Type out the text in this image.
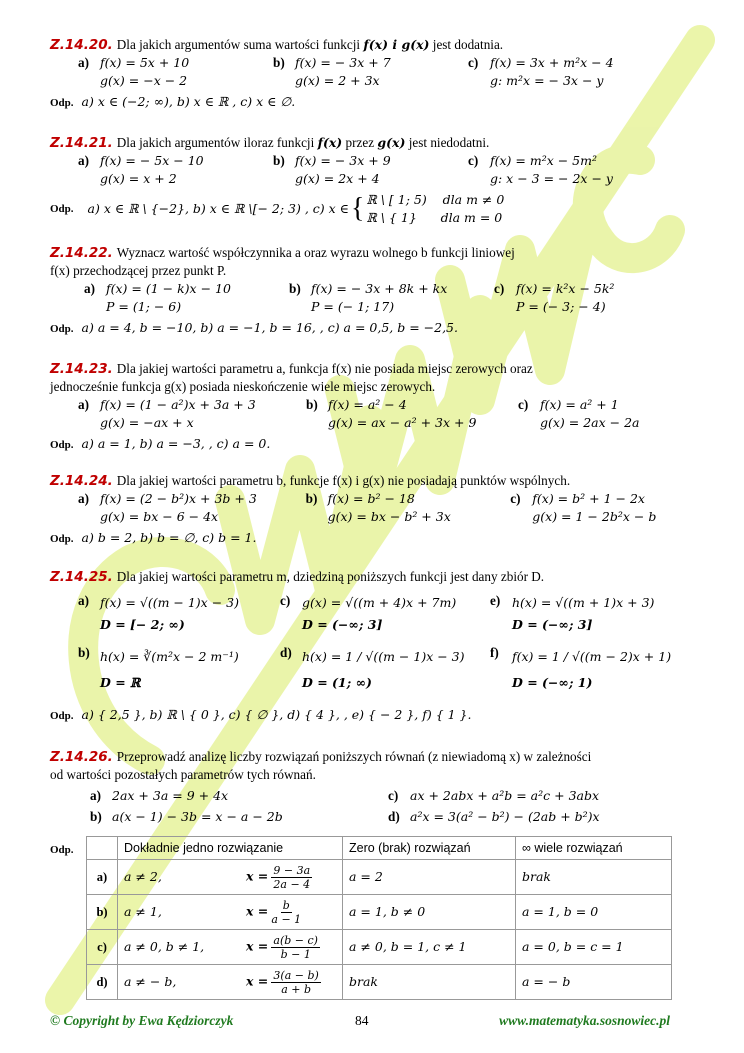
Z.14.20. Dla jakich argumentów suma wartości funkcji f(x) i g(x) jest dodatnia.
a) f(x) = 5x + 10
g(x) = −x − 2
b) f(x) = − 3x + 7
g(x) = 2 + 3x
c) f(x) = 3x + m²x − 4
g: m²x = − 3x − y
Odp. a) x ∈ (−2; ∞), b) x ∈ ℝ , c) x ∈ ∅.
Z.14.21. Dla jakich argumentów iloraz funkcji f(x) przez g(x) jest niedodatni.
a) f(x) = − 5x − 10
g(x) = x + 2
b) f(x) = − 3x + 9
g(x) = 2x + 4
c) f(x) = m²x − 5m²
g: x − 3 = − 2x − y
Odp. a) x ∈ ℝ \ {−2}, b) x ∈ ℝ \[− 2; 3) , c) x ∈ { ℝ \ [ 1; 5)    dla m ≠ 0
ℝ \ { 1}      dla m = 0
Z.14.22. Wyznacz wartość współczynnika a oraz wyrazu wolnego b funkcji liniowej
f(x) przechodzącej przez punkt P.
a) f(x) = (1 − k)x − 10
P = (1; − 6)
b) f(x) = − 3x + 8k + kx
P = (− 1; 17)
c) f(x) = k²x − 5k²
P = (− 3; − 4)
Odp. a) a = 4, b = −10, b) a = −1, b = 16, , c) a = 0,5, b = −2,5.
Z.14.23. Dla jakiej wartości parametru a, funkcja f(x) nie posiada miejsc zerowych oraz
jednocześnie funkcja g(x) posiada nieskończenie wiele miejsc zerowych.
a) f(x) = (1 − a²)x + 3a + 3
g(x) = −ax + x
b) f(x) = a² − 4
g(x) = ax − a² + 3x + 9
c) f(x) = a² + 1
g(x) = 2ax − 2a
Odp. a) a = 1, b) a = −3, , c) a = 0.
Z.14.24. Dla jakiej wartości parametru b, funkcje f(x) i g(x) nie posiadają punktów wspólnych.
a) f(x) = (2 − b²)x + 3b + 3
g(x) = bx − 6 − 4x
b) f(x) = b² − 18
g(x) = bx − b² + 3x
c) f(x) = b² + 1 − 2x
g(x) = 1 − 2b²x − b
Odp. a) b = 2, b) b = ∅, c) b = 1.
Z.14.25. Dla jakiej wartości parametru m, dziedziną poniższych funkcji jest dany zbiór D.
a) f(x) = √((m − 1)x − 3)
D = [− 2; ∞)
c) g(x) = √((m + 4)x + 7m)
D = (−∞; 3]
e) h(x) = √((m + 1)x + 3)
D = (−∞; 3]
b) h(x) = ∛(m²x − 2 m⁻¹)
D = ℝ
d) h(x) = 1 / √((m − 1)x − 3)
D = (1; ∞)
f)	f(x) = 1 / √((m − 2)x + 1)
D = (−∞; 1)
Odp. a) { 2,5 }, b) ℝ \ { 0 }, c) { ∅ }, d) { 4 }, , e) { − 2 }, f) { 1 }.
Z.14.26. Przeprowadź analizę liczby rozwiązań poniższych równań (z niewiadomą x) w zależności
od wartości pozostałych parametrów tych równań.
a) 2ax + 3a = 9 + 4x	c) ax + 2abx + a²b = a²c + 3abx
b) a(x − 1) − 3b = x − a − 2b	d) a²x = 3(a² − b²) − (2ab + b²)x
Odp.
		Dokładnie jedno rozwiązanie		Zero (brak) rozwiązań	∞ wiele rozwiązań
a)	a ≠ 2,	$x = \frac{9 - 3a}{2a - 4}$	a = 2	brak
b)	a ≠ 1,	$x = \frac{b}{a - 1}$	a = 1, b ≠ 0	a = 1, b = 0
c)	a ≠ 0, b ≠ 1,	$x = \frac{a(b - c)}{b - 1}$	a ≠ 0, b = 1, c ≠ 1	a = 0, b = c = 1
d)	a ≠ − b,	$x = \frac{3(a - b)}{a + b}$	brak	a = − b
© Copyright by Ewa Kędziorczyk	84	www.matematyka.sosnowiec.pl
